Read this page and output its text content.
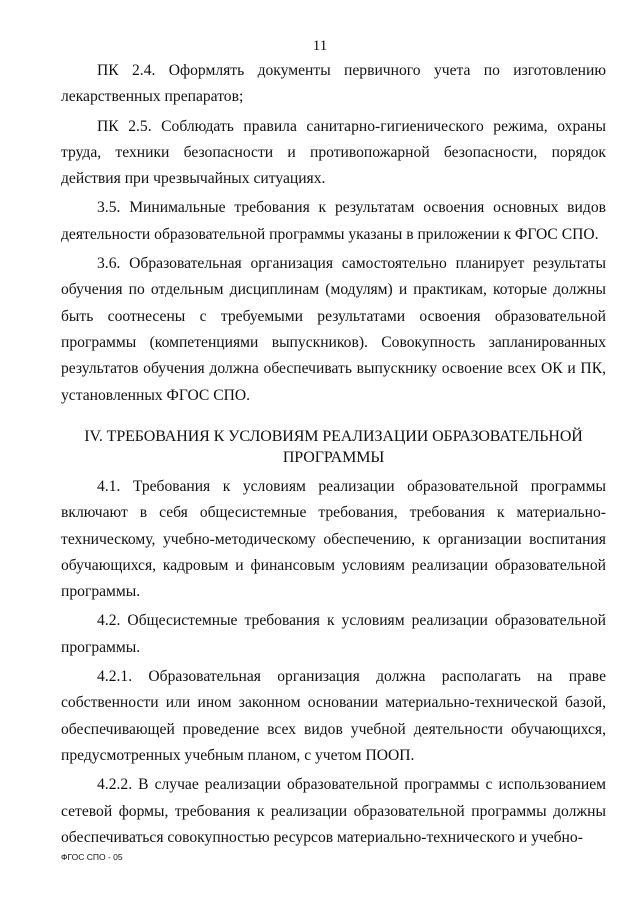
11

ПК 2.4. Оформлять документы первичного учета по изготовлению лекарственных препаратов;

ПК 2.5. Соблюдать правила санитарно-гигиенического режима, охраны труда, техники безопасности и противопожарной безопасности, порядок действия при чрезвычайных ситуациях.

3.5. Минимальные требования к результатам освоения основных видов деятельности образовательной программы указаны в приложении к ФГОС СПО.

3.6. Образовательная организация самостоятельно планирует результаты обучения по отдельным дисциплинам (модулям) и практикам, которые должны быть соотнесены с требуемыми результатами освоения образовательной программы (компетенциями выпускников). Совокупность запланированных результатов обучения должна обеспечивать выпускнику освоение всех ОК и ПК, установленных ФГОС СПО.

IV. ТРЕБОВАНИЯ К УСЛОВИЯМ РЕАЛИЗАЦИИ ОБРАЗОВАТЕЛЬНОЙ
ПРОГРАММЫ

4.1. Требования к условиям реализации образовательной программы включают в себя общесистемные требования, требования к материально-техническому, учебно-методическому обеспечению, к организации воспитания обучающихся, кадровым и финансовым условиям реализации образовательной программы.

4.2. Общесистемные требования к условиям реализации образовательной программы.

4.2.1. Образовательная организация должна располагать на праве собственности или ином законном основании материально-технической базой, обеспечивающей проведение всех видов учебной деятельности обучающихся, предусмотренных учебным планом, с учетом ПООП.

4.2.2. В случае реализации образовательной программы с использованием сетевой формы, требования к реализации образовательной программы должны обеспечиваться совокупностью ресурсов материально-технического и учебно-

ФГОС СПО - 05
